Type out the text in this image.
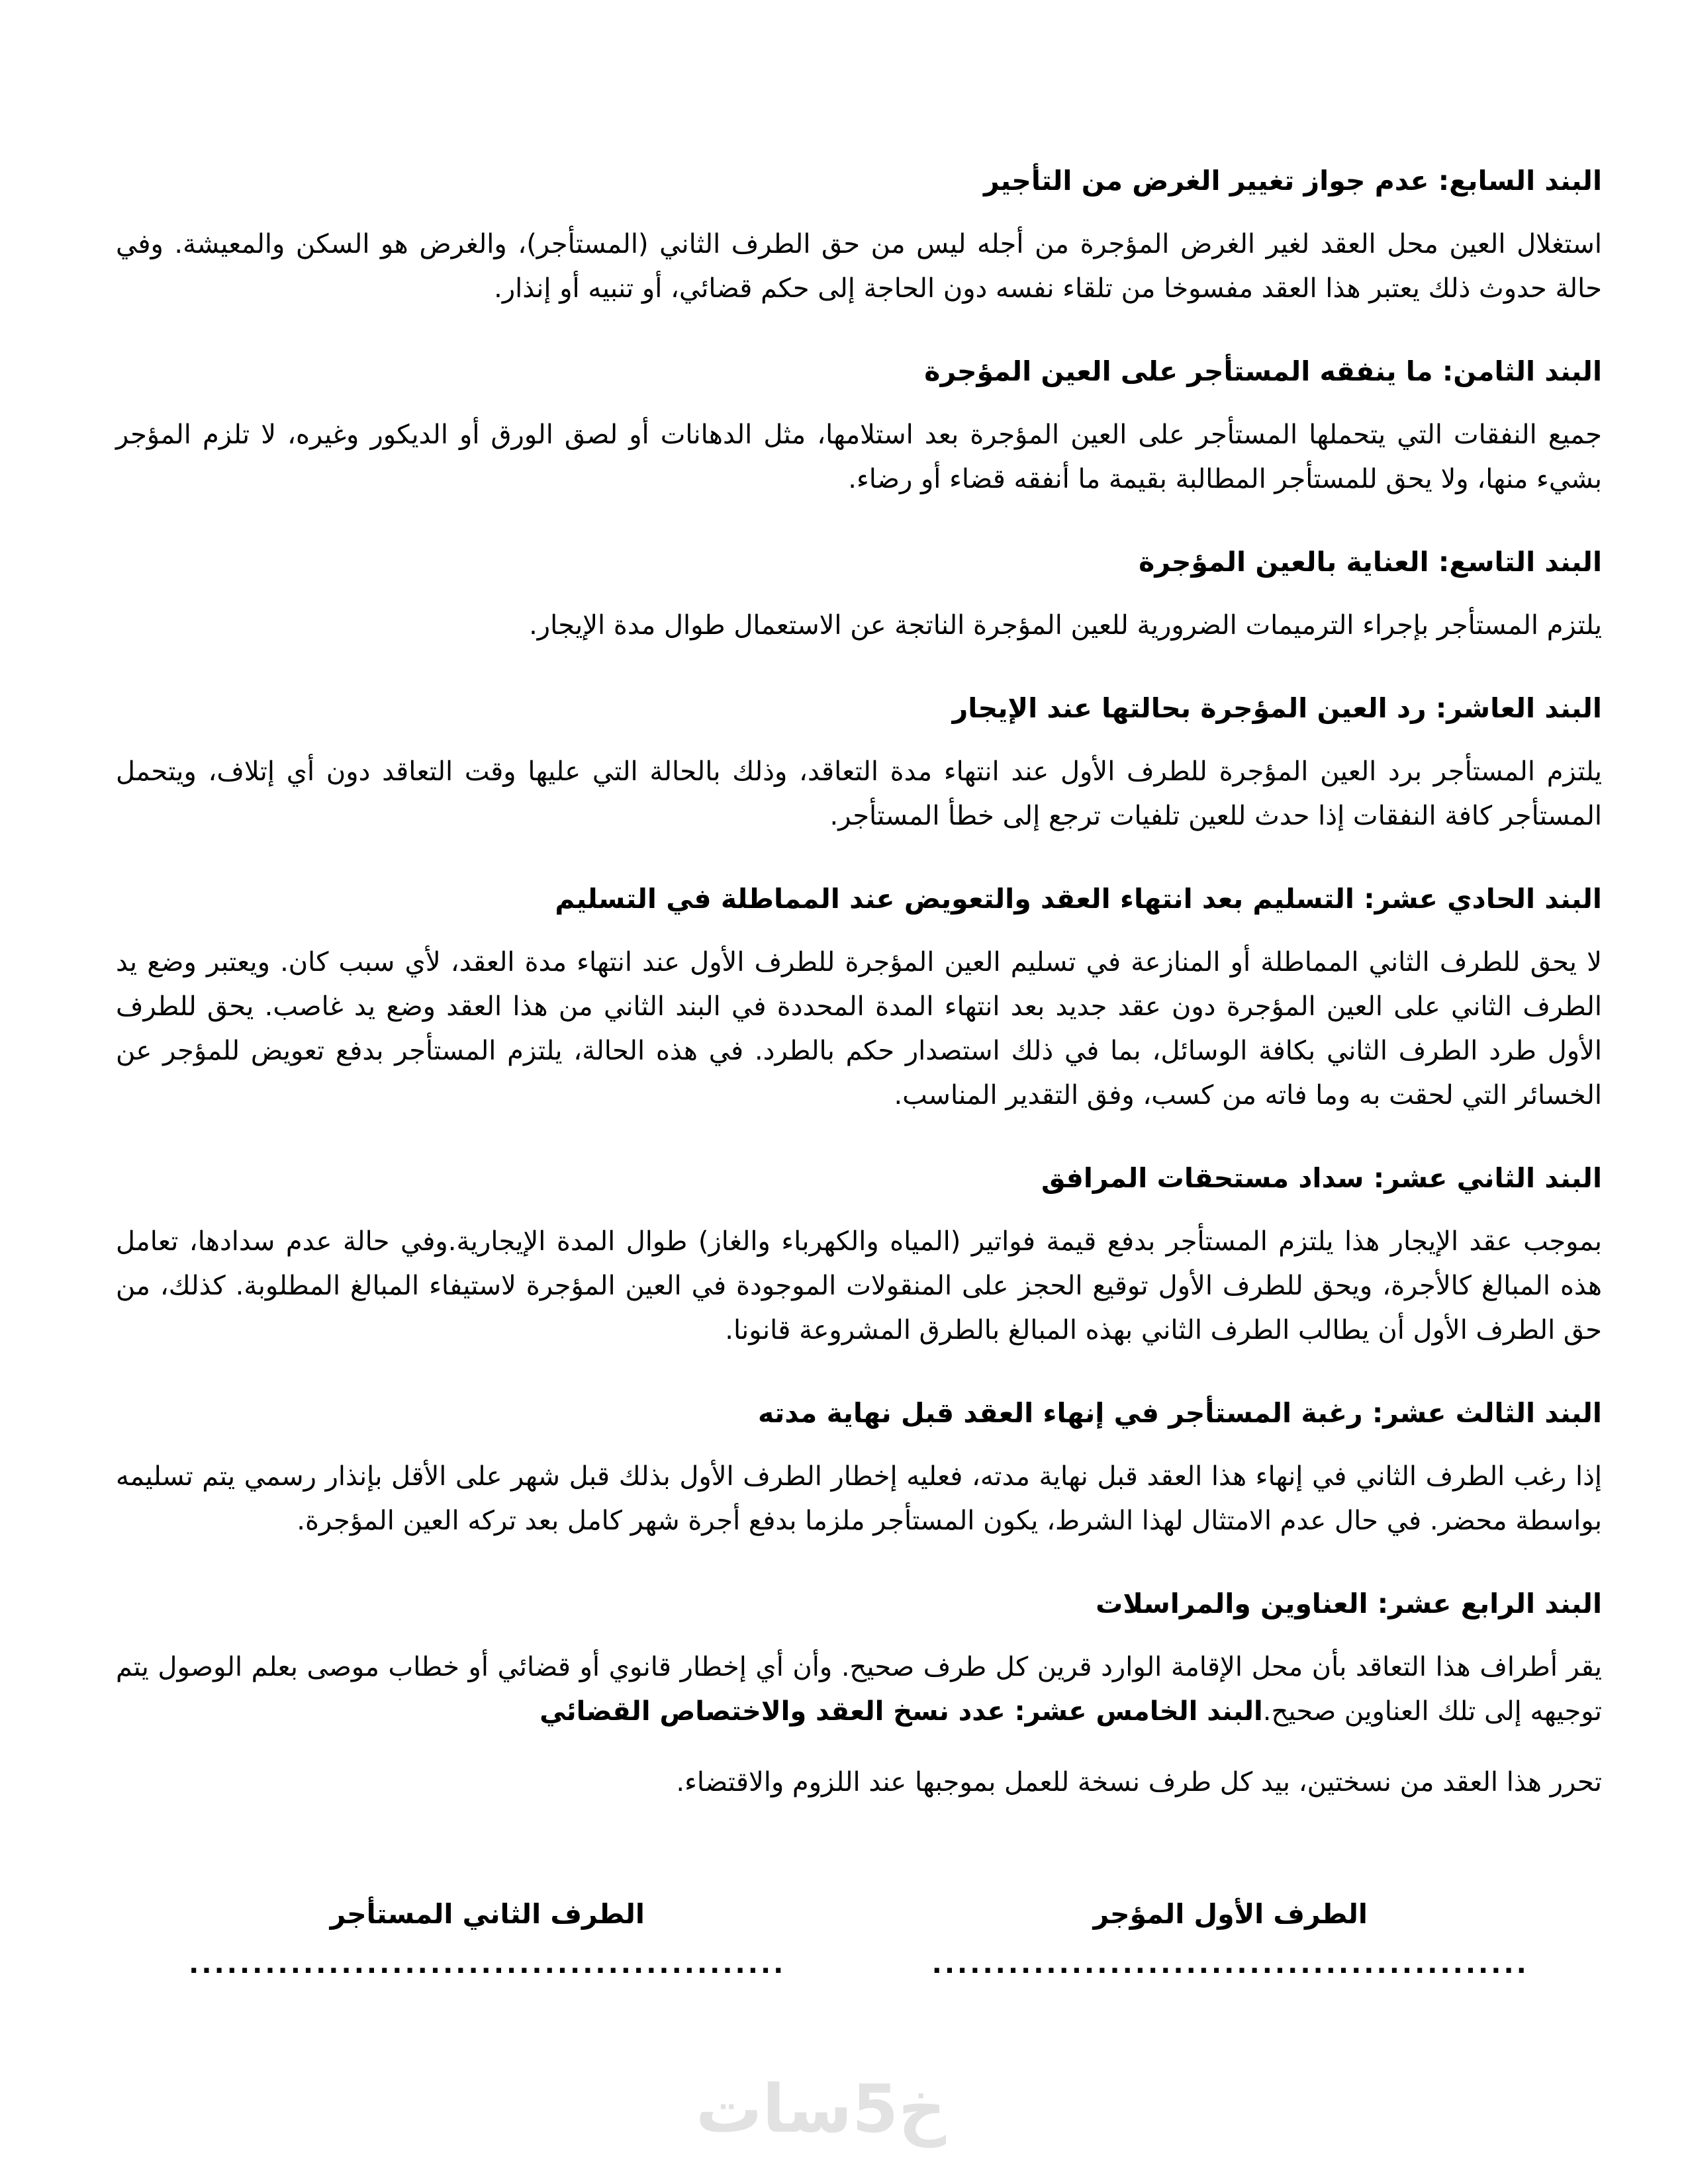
البند السابع: عدم جواز تغيير الغرض من التأجير

استغلال العين محل العقد لغير الغرض المؤجرة من أجله ليس من حق الطرف الثاني (المستأجر)، والغرض هو السكن والمعيشة. وفي حالة حدوث ذلك يعتبر هذا العقد مفسوخا من تلقاء نفسه دون الحاجة إلى حكم قضائي، أو تنبيه أو إنذار.

البند الثامن: ما ينفقه المستأجر على العين المؤجرة

جميع النفقات التي يتحملها المستأجر على العين المؤجرة بعد استلامها، مثل الدهانات أو لصق الورق أو الديكور وغيره، لا تلزم المؤجر بشيء منها، ولا يحق للمستأجر المطالبة بقيمة ما أنفقه قضاء أو رضاء.

البند التاسع: العناية بالعين المؤجرة

يلتزم المستأجر بإجراء الترميمات الضرورية للعين المؤجرة الناتجة عن الاستعمال طوال مدة الإيجار.

البند العاشر: رد العين المؤجرة بحالتها عند الإيجار

يلتزم المستأجر برد العين المؤجرة للطرف الأول عند انتهاء مدة التعاقد، وذلك بالحالة التي عليها وقت التعاقد دون أي إتلاف، ويتحمل المستأجر كافة النفقات إذا حدث للعين تلفيات ترجع إلى خطأ المستأجر.

البند الحادي عشر: التسليم بعد انتهاء العقد والتعويض عند المماطلة في التسليم

لا يحق للطرف الثاني المماطلة أو المنازعة في تسليم العين المؤجرة للطرف الأول عند انتهاء مدة العقد، لأي سبب كان. ويعتبر وضع يد الطرف الثاني على العين المؤجرة دون عقد جديد بعد انتهاء المدة المحددة في البند الثاني من هذا العقد وضع يد غاصب. يحق للطرف الأول طرد الطرف الثاني بكافة الوسائل، بما في ذلك استصدار حكم بالطرد. في هذه الحالة، يلتزم المستأجر بدفع تعويض للمؤجر عن الخسائر التي لحقت به وما فاته من كسب، وفق التقدير المناسب.

البند الثاني عشر: سداد مستحقات المرافق

بموجب عقد الإيجار هذا يلتزم المستأجر بدفع قيمة فواتير (المياه والكهرباء والغاز) طوال المدة الإيجارية.وفي حالة عدم سدادها، تعامل هذه المبالغ كالأجرة، ويحق للطرف الأول توقيع الحجز على المنقولات الموجودة في العين المؤجرة لاستيفاء المبالغ المطلوبة. كذلك، من حق الطرف الأول أن يطالب الطرف الثاني بهذه المبالغ بالطرق المشروعة قانونا.

البند الثالث عشر: رغبة المستأجر في إنهاء العقد قبل نهاية مدته

إذا رغب الطرف الثاني في إنهاء هذا العقد قبل نهاية مدته، فعليه إخطار الطرف الأول بذلك قبل شهر على الأقل بإنذار رسمي يتم تسليمه بواسطة محضر. في حال عدم الامتثال لهذا الشرط، يكون المستأجر ملزما بدفع أجرة شهر كامل بعد تركه العين المؤجرة.

البند الرابع عشر: العناوين والمراسلات

يقر أطراف هذا التعاقد بأن محل الإقامة الوارد قرين كل طرف صحيح. وأن أي إخطار قانوي أو قضائي أو خطاب موصى بعلم الوصول يتم توجيهه إلى تلك العناوين صحيح.البند الخامس عشر: عدد نسخ العقد والاختصاص القضائي

تحرر هذا العقد من نسختين، بيد كل طرف نسخة للعمل بموجبها عند اللزوم والاقتضاء.

الطرف الأول المؤجر
...............................................
الطرف الثاني المستأجر
...............................................
خ5سات
